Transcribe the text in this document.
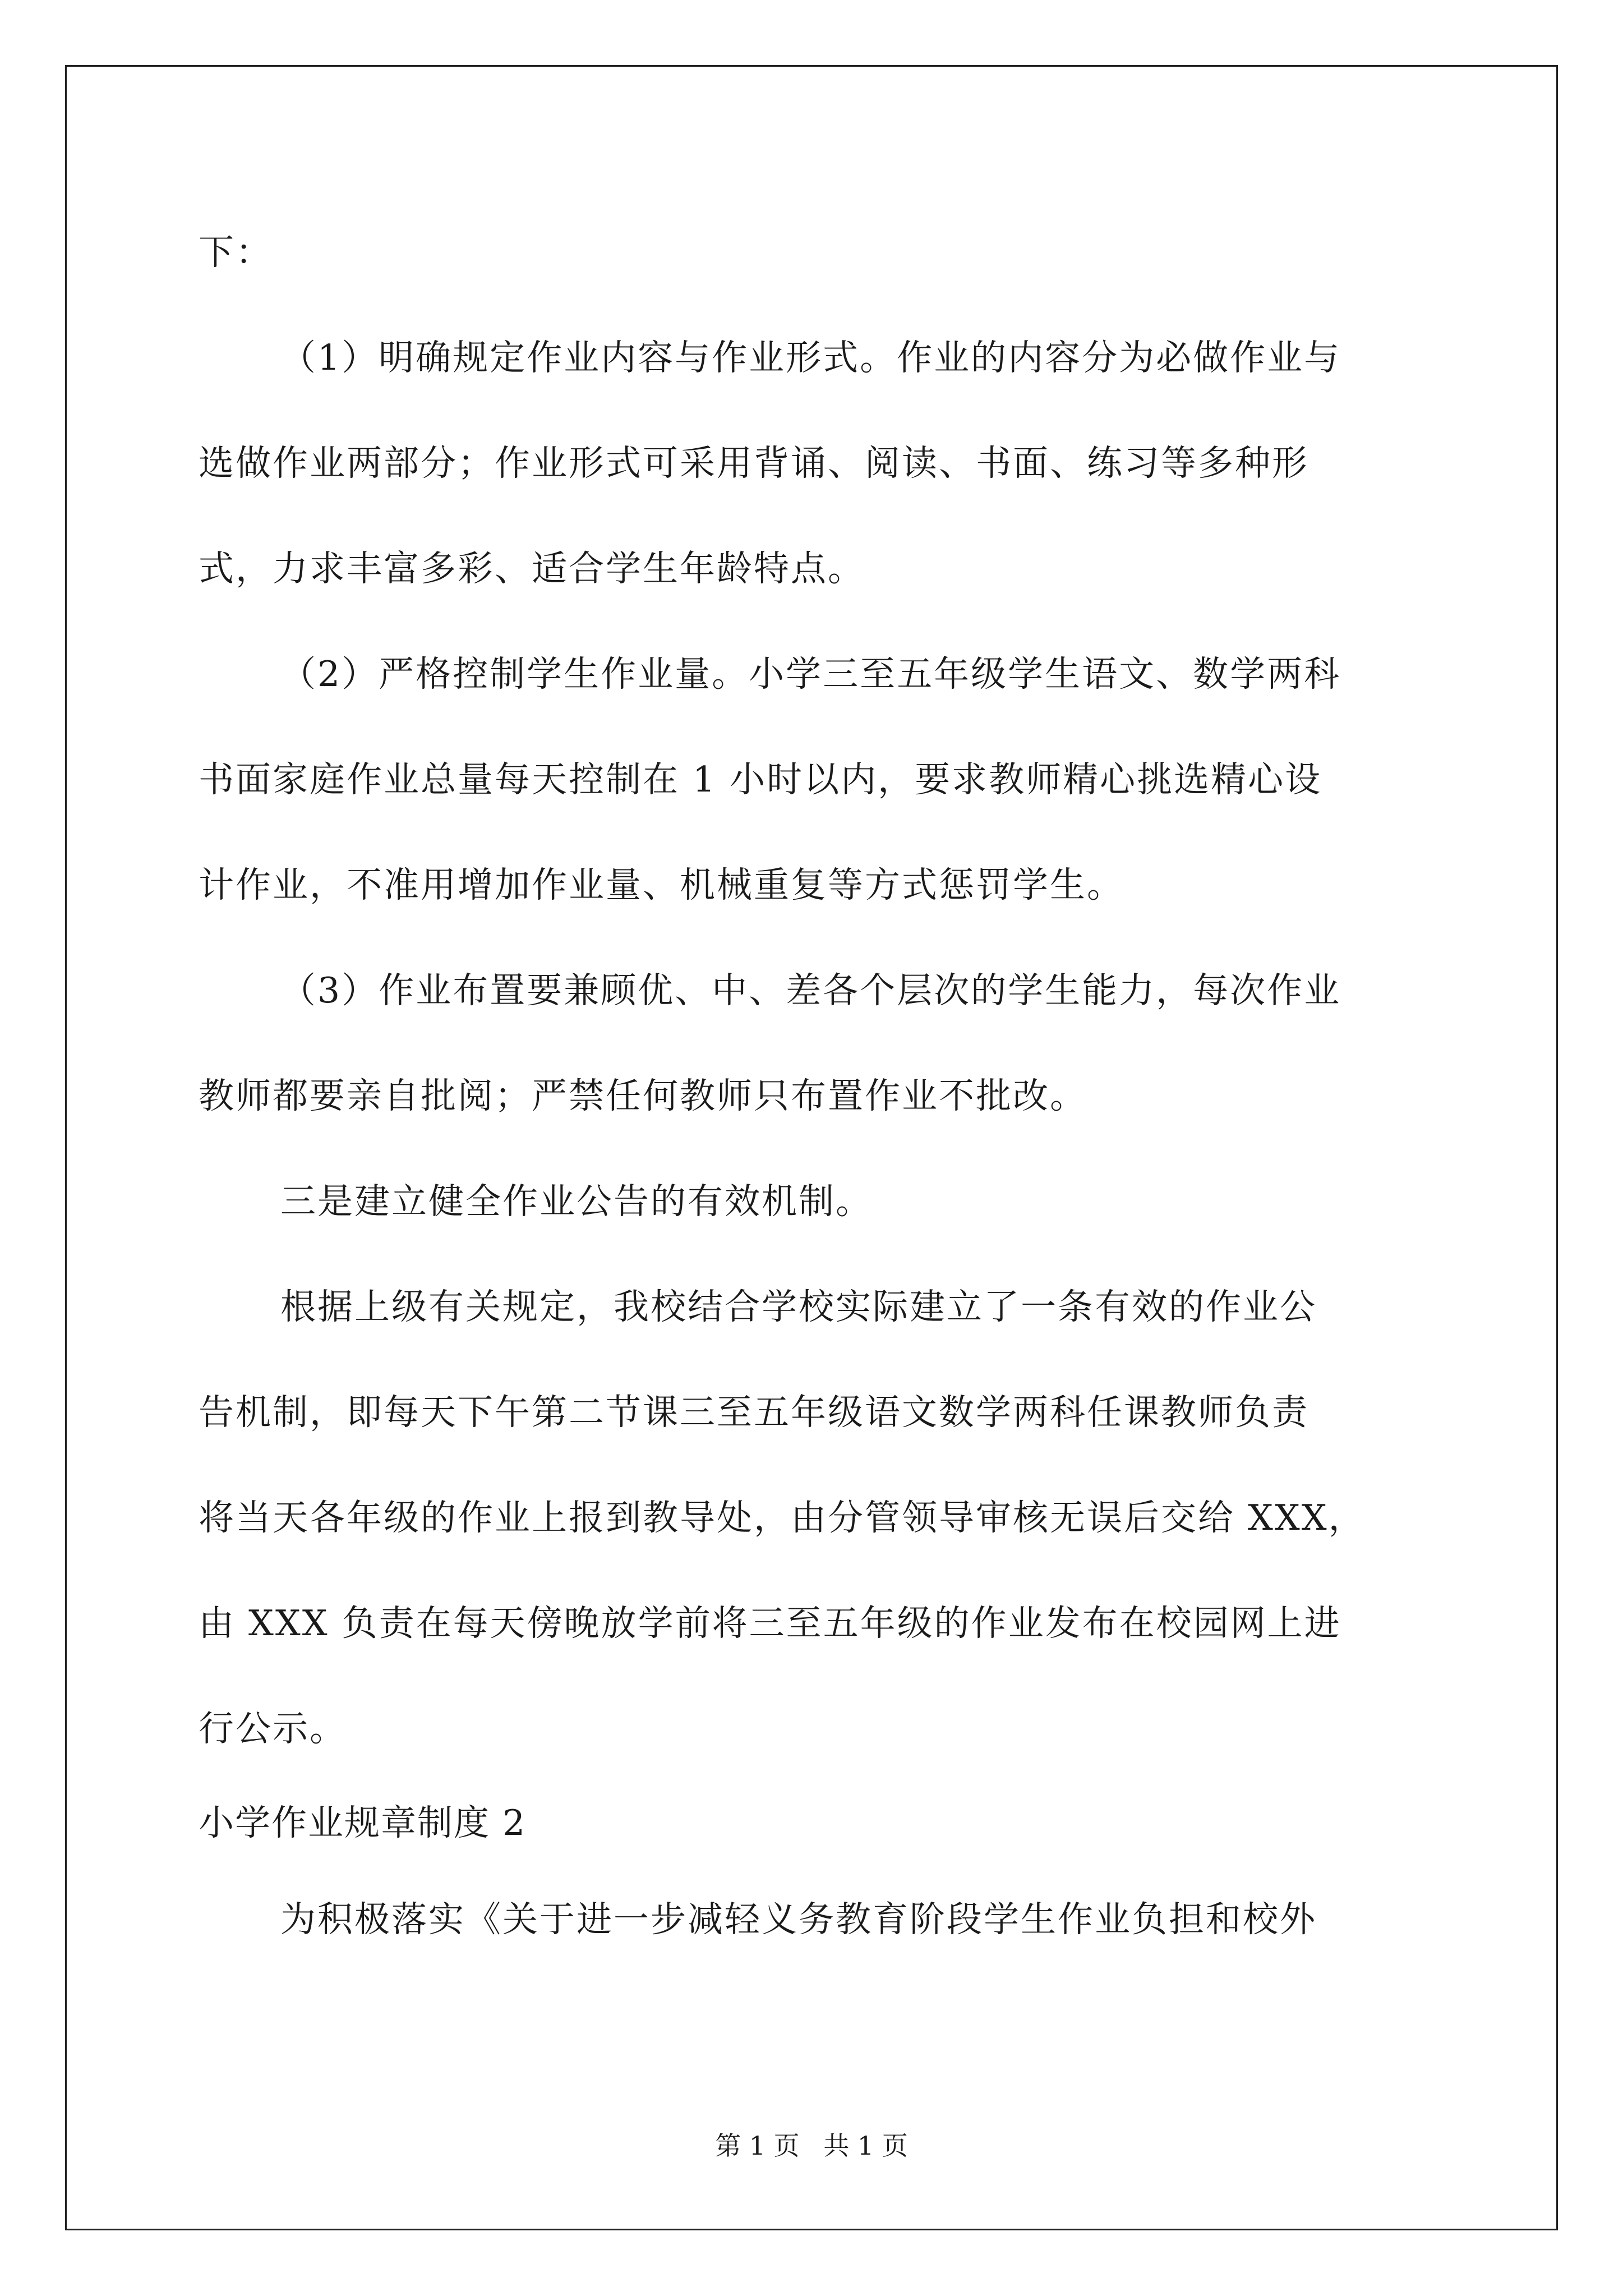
下：
（1）明确规定作业内容与作业形式。作业的内容分为必做作业与
选做作业两部分；作业形式可采用背诵、阅读、书面、练习等多种形
式，力求丰富多彩、适合学生年龄特点。
（2）严格控制学生作业量。小学三至五年级学生语文、数学两科
书面家庭作业总量每天控制在 1 小时以内，要求教师精心挑选精心设
计作业，不准用增加作业量、机械重复等方式惩罚学生。
（3）作业布置要兼顾优、中、差各个层次的学生能力，每次作业
教师都要亲自批阅；严禁任何教师只布置作业不批改。
三是建立健全作业公告的有效机制。
根据上级有关规定，我校结合学校实际建立了一条有效的作业公
告机制，即每天下午第二节课三至五年级语文数学两科任课教师负责
将当天各年级的作业上报到教导处，由分管领导审核无误后交给 XXX，
由 XXX 负责在每天傍晚放学前将三至五年级的作业发布在校园网上进
行公示。
小学作业规章制度 2
为积极落实《关于进一步减轻义务教育阶段学生作业负担和校外
第 1 页 共 1 页
